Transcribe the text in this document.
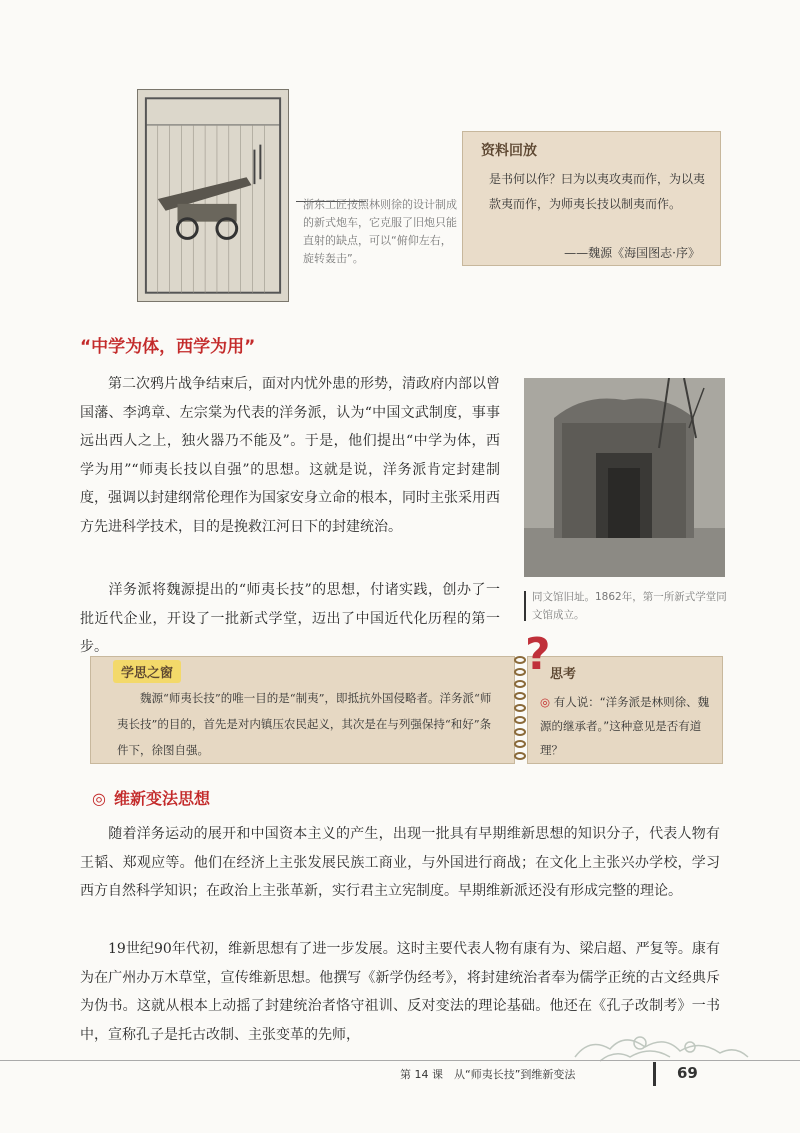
浙东工匠按照林则徐的设计制成的新式炮车，它克服了旧炮只能直射的缺点，可以“俯仰左右，旋转轰击”。
资料回放
是书何以作？曰为以夷攻夷而作，为以夷款夷而作，为师夷长技以制夷而作。
——魏源《海国图志·序》
“中学为体，西学为用”
  第二次鸦片战争结束后，面对内忧外患的形势，清政府内部以曾国藩、李鸿章、左宗棠为代表的洋务派，认为“中国文武制度，事事远出西人之上，独火器乃不能及”。于是，他们提出“中学为体，西学为用”“师夷长技以自强”的思想。这就是说，洋务派肯定封建制度，强调以封建纲常伦理作为国家安身立命的根本，同时主张采用西方先进科学技术，目的是挽救江河日下的封建统治。
  洋务派将魏源提出的“师夷长技”的思想，付诸实践，创办了一批近代企业，开设了一批新式学堂，迈出了中国近代化历程的第一步。
同文馆旧址。1862年，第一所新式学堂同文馆成立。
学思之窗
  魏源“师夷长技”的唯一目的是“制夷”，即抵抗外国侵略者。洋务派“师夷长技”的目的，首先是对内镇压农民起义，其次是在与列强保持“和好”条件下，徐图自强。
? 思考
◎ 有人说：“洋务派是林则徐、魏源的继承者。”这种意见是否有道理？
◎ 维新变法思想
  随着洋务运动的展开和中国资本主义的产生，出现一批具有早期维新思想的知识分子，代表人物有王韬、郑观应等。他们在经济上主张发展民族工商业，与外国进行商战；在文化上主张兴办学校，学习西方自然科学知识；在政治上主张革新，实行君主立宪制度。早期维新派还没有形成完整的理论。
  19世纪90年代初，维新思想有了进一步发展。这时主要代表人物有康有为、梁启超、严复等。康有为在广州办万木草堂，宣传维新思想。他撰写《新学伪经考》，将封建统治者奉为儒学正统的古文经典斥为伪书。这就从根本上动摇了封建统治者恪守祖训、反对变法的理论基础。他还在《孔子改制考》一书中，宣称孔子是托古改制、主张变革的先师，
第 14 课　从“师夷长技”到维新变法	69
